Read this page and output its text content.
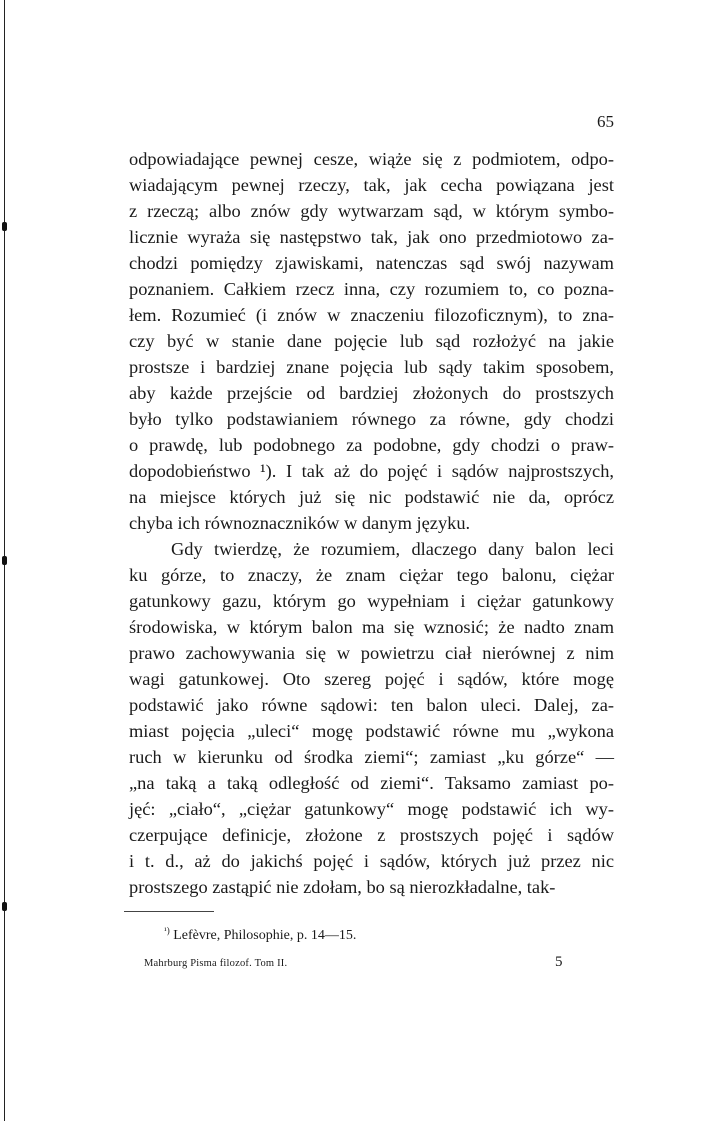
65
odpowiadające pewnej cesze, wiąże się z podmiotem, odpo-
wiadającym pewnej rzeczy, tak, jak cecha powiązana jest
z rzeczą; albo znów gdy wytwarzam sąd, w którym symbo-
licznie wyraża się następstwo tak, jak ono przedmiotowo za-
chodzi pomiędzy zjawiskami, natenczas sąd swój nazywam
poznaniem. Całkiem rzecz inna, czy rozumiem to, co pozna-
łem. Rozumieć (i znów w znaczeniu filozoficznym), to zna-
czy być w stanie dane pojęcie lub sąd rozłożyć na jakie
prostsze i bardziej znane pojęcia lub sądy takim sposobem,
aby każde przejście od bardziej złożonych do prostszych
było tylko podstawianiem równego za równe, gdy chodzi
o prawdę, lub podobnego za podobne, gdy chodzi o praw-
dopodobieństwo ¹). I tak aż do pojęć i sądów najprostszych,
na miejsce których już się nic podstawić nie da, oprócz
chyba ich równoznaczników w danym języku.
Gdy twierdzę, że rozumiem, dlaczego dany balon leci
ku górze, to znaczy, że znam ciężar tego balonu, ciężar
gatunkowy gazu, którym go wypełniam i ciężar gatunkowy
środowiska, w którym balon ma się wznosić; że nadto znam
prawo zachowywania się w powietrzu ciał nierównej z nim
wagi gatunkowej. Oto szereg pojęć i sądów, które mogę
podstawić jako równe sądowi: ten balon uleci. Dalej, za-
miast pojęcia „uleci“ mogę podstawić równe mu „wykona
ruch w kierunku od środka ziemi“; zamiast „ku górze“ —
„na taką a taką odległość od ziemi“. Taksamo zamiast po-
jęć: „ciało“, „ciężar gatunkowy“ mogę podstawić ich wy-
czerpujące definicje, złożone z prostszych pojęć i sądów
i t. d., aż do jakichś pojęć i sądów, których już przez nic
prostszego zastąpić nie zdołam, bo są nierozkładalne, tak-
$^{^1)}$ Lefèvre, Philosophie, p. 14—15.
Mahrburg Pisma filozof. Tom II.	5
